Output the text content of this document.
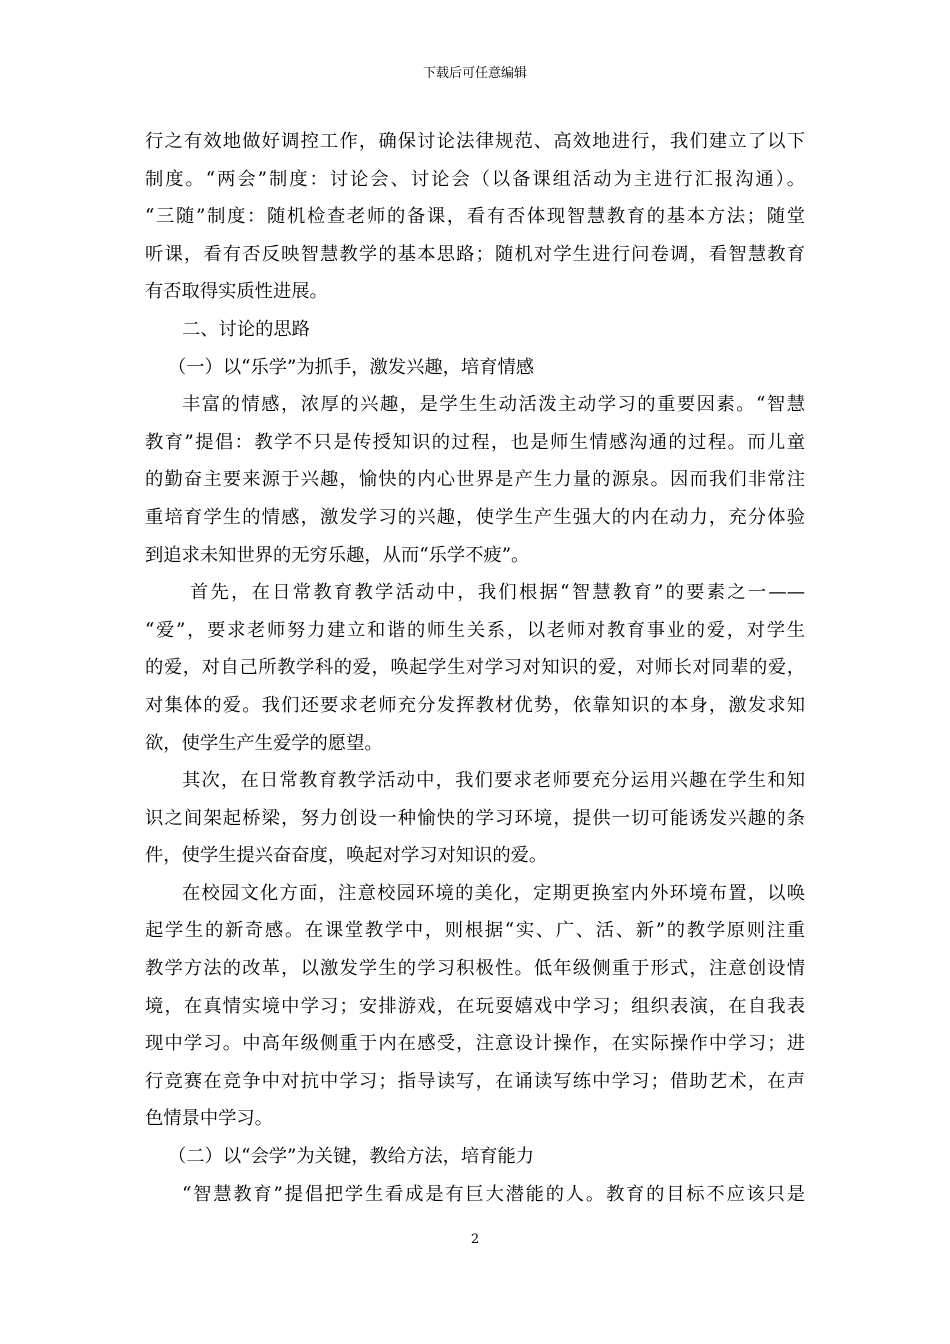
下载后可任意编辑
行之有效地做好调控工作，确保讨论法律规范、高效地进行，我们建立了以下
制度。“两会”制度：讨论会、讨论会（以备课组活动为主进行汇报沟通）。
“三随”制度：随机检查老师的备课，看有否体现智慧教育的基本方法；随堂
听课，看有否反映智慧教学的基本思路；随机对学生进行问卷调，看智慧教育
有否取得实质性进展。
二、讨论的思路
（一）以“乐学”为抓手，激发兴趣，培育情感
丰富的情感，浓厚的兴趣，是学生生动活泼主动学习的重要因素。“智慧
教育”提倡：教学不只是传授知识的过程，也是师生情感沟通的过程。而儿童
的勤奋主要来源于兴趣，愉快的内心世界是产生力量的源泉。因而我们非常注
重培育学生的情感，激发学习的兴趣，使学生产生强大的内在动力，充分体验
到追求未知世界的无穷乐趣，从而“乐学不疲”。
首先，在日常教育教学活动中，我们根据“智慧教育”的要素之一——
“爱”，要求老师努力建立和谐的师生关系，以老师对教育事业的爱，对学生
的爱，对自己所教学科的爱，唤起学生对学习对知识的爱，对师长对同辈的爱，
对集体的爱。我们还要求老师充分发挥教材优势，依靠知识的本身，激发求知
欲，使学生产生爱学的愿望。
其次，在日常教育教学活动中，我们要求老师要充分运用兴趣在学生和知
识之间架起桥梁，努力创设一种愉快的学习环境，提供一切可能诱发兴趣的条
件，使学生提兴奋奋度，唤起对学习对知识的爱。
在校园文化方面，注意校园环境的美化，定期更换室内外环境布置，以唤
起学生的新奇感。在课堂教学中，则根据“实、广、活、新”的教学原则注重
教学方法的改革，以激发学生的学习积极性。低年级侧重于形式，注意创设情
境，在真情实境中学习；安排游戏，在玩耍嬉戏中学习；组织表演，在自我表
现中学习。中高年级侧重于内在感受，注意设计操作，在实际操作中学习；进
行竞赛在竞争中对抗中学习；指导读写，在诵读写练中学习；借助艺术，在声
色情景中学习。
（二）以“会学”为关键，教给方法，培育能力
“智慧教育”提倡把学生看成是有巨大潜能的人。教育的目标不应该只是
2
